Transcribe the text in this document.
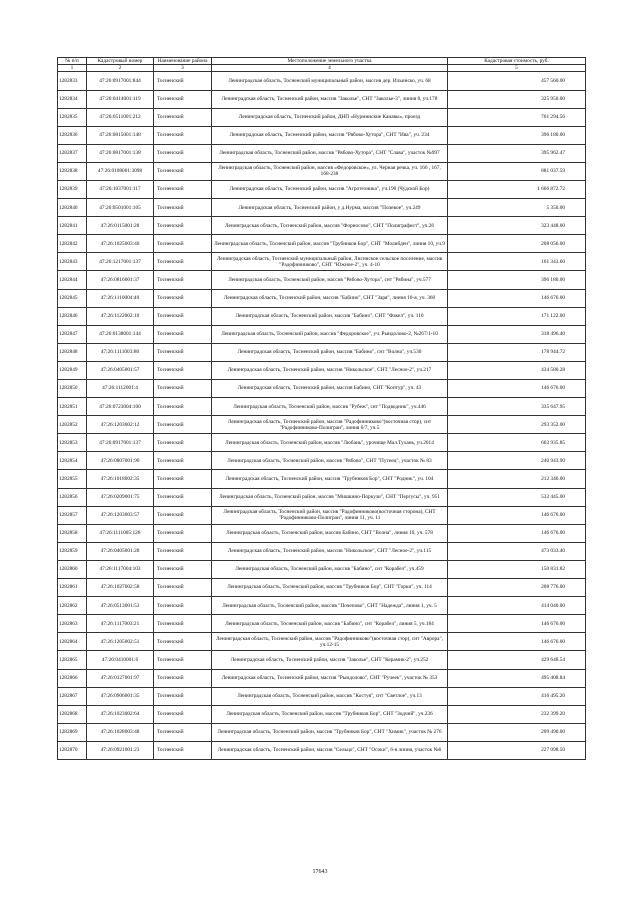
№ п/п	Кадастровый номер	Наименование района	Местоположение земельного участка	Кадастровая стоимость, руб.
1	2	3	4	5
1282833	47:26:0917001:844	Тосненский	Ленинградская область, Тосненский муниципальный район, массив дер. Ильинско, уч. 68	457 560.00
1282834	47:26:0414001:119	Тосненский	Ленинградская область, Тосненский район, массив "Заколье", СНТ "Заколье-3", линия 8, уч.178	325 950.00
1282835	47:26:0511001:212	Тосненский	Ленинградская область, Тосненский район, ДНП «Нурминские Канавы», проезд	761 294.56
1282836	47:26:0815001:148	Тосненский	Ленинградская область, Тосненский район, массив "Рябово-Хутора", СНТ "Ива", уч. 234	396 180.00
1282837	47:26:0817001:138	Тосненский	Ленинградская область, Тосненский район, массив "Рябово-Хутора", СНТ "Слава", участок №997	395 962.47
1282838	47:26:0108001:3098	Тосненский	Ленинградская область, Тосненский район, массив «Федоровское», ул. Черная речка, уч. 166 , 167, 168-238	881 037.59
1282839	47:26:1037001:117	Тосненский	Ленинградская область, Тосненский район, массив "Агротехника", уч.190 (Чудской Бор)	1 666 872.72
1282840	47:26:0501001:105	Тосненский	Ленинградская область, Тосненский район, у д.Нурма, массив "Полевое", уч.249	5 350.00
1282841	47:26:0115001:28	Тосненский	Ленинградская область, Тосненский район, массив "Форносово", СНТ "Полиграфист", уч.26	323 448.00
1282842	47:26:1025003:40	Тосненский	Ленинградская область, Тосненский район, массив "Трубников Бор", СНТ "Молибден", линия 10, уч.9	208 056.00
1282843	47:26:1217001:137	Тосненский	Ленинградская область, Тосненский муниципальный район, Лисинское сельское поселение, массив "Радофинниково", СНТ "Южное-2", уч. 4-10	161 343.60
1282844	47:26:0816001:37	Тосненский	Ленинградская область, Тосненский район, массив "Рябово-Хутора", снт "Рябина", уч.577	396 180.00
1282845	47:26:1110004:40	Тосненский	Ленинградская область, Тосненский район, массив "Бабино", СНТ "Заря", линия 10-я, уч. 360	146 676.00
1282846	47:26:1122002:10	Тосненский	Ленинградская область, Тосненский район, массив "Бабино", СНТ "Факел", уч. 110	171 122.00
1282847	47:26:0138001:144	Тосненский	Ленинградская область, Тосненский район, массив "Федоровское", уч. Рындолово-2, №267/1-10	318 496.40
1282848	47:26:1111003:80	Тосненский	Ленинградская область, Тосненский район, массив "Бабино", снт "Волна", уч.530	178 944.72
1282849	47:26:0405001:57	Тосненский	Ленинградская область, Тосненский район, массив "Никольское", СНТ "Лесное-2", уч.217	434 580.28
1282850	47:26:1112001:4	Тосненский	Ленинградская область, Тосненский район, массив Бабино, СНТ "Коптур", уч. 43	146 676.00
1282851	47:26:0723004:100	Тосненский	Ленинградская область, Тосненский район, массив "Рубеж", снт "Подводник", уч.446	335 647.95
1282852	47:26:1203002:12	Тосненский	Ленинградская область, Тосненский район, массив "Радофинниково"(восточная стор), снт "Радофинниково-Полигран", линия 6/7, уч.5	293 352.00
1282853	47:26:0917001:137	Тосненский	Ленинградская область, Тосненский район, массив "Любань", урочище Мал.Тухань, уч.2014	663 935.85
1282854	47:26:0807001:90	Тосненский	Ленинградская область, Тосненский район, массив "Рябово", СНТ "Путеец", участок № 83	240 943.90
1282855	47:26:1018002:35	Тосненский	Ленинградская область, Тосненский район, массив "Трубников Бор", СНТ "Родник", уч. 104	212 346.00
1282856	47:26:0209001:75	Тосненский	Ленинградская область, Тосненский район, массив "Мишкино-Поркузи", СНТ "Пергусы", уч. 951	532 445.00
1282857	47:26:1203003:57	Тосненский	Ленинградская область, Тосненский район, массив "Радофинниково(восточная сторона), СНТ "Радофинниково-Полигран", линия 11, уч. 11	146 676.00
1282858	47:26:1111005:126	Тосненский	Ленинградская область, Тосненский район, массив Бабино, СНТ "Волна", линия 16, уч. 578	146 676.00
1282859	47:26:0405001:28	Тосненский	Ленинградская область, Тосненский район, массив "Никольское", СНТ "Лесное-2", уч.115	473 033.40
1282860	47:26:1117004:103	Тосненский	Ленинградская область, Тосненский район, массив "Бабино", снт "Корабел", уч.459	150 831.82
1282861	47:26:1027002:58	Тосненский	Ленинградская область, Тосненский район, массив "Трубников Бор", СНТ "Горки", уч. 114	208 776.00
1282862	47:26:0513001:53	Тосненский	Ленинградская область, Тосненский район, массив "Почепово", СНТ "Надежда", линия 1, уч. 5	414 040.00
1282863	47:26:1117003:21	Тосненский	Ленинградская область, Тосненский район, массив "Бабино", снт "Корабел", линия 5, уч.184	146 676.00
1282864	47:26:1205002:51	Тосненский	Ленинградская область, Тосненский район, массив "Радофинниково"(восточная стор), снт "Аврора", уч.12-15	146 676.00
1282865	47:26:0410001:6	Тосненский	Ленинградская область, Тосненский район, массив "Заколье", СНТ "Керамик-2", уч.252	429 648.54
1282866	47:26:0127001:97	Тосненский	Ленинградская область, Тосненский район, массив "Рындолово", СНТ "Ручеек", участок № 353	495 408.84
1282867	47:26:0906001:35	Тосненский	Ленинградская область, Тосненский район, массив "Костуя", снт "Светлое", уч.13	416 495.20
1282868	47:26:1023002:64	Тосненский	Ленинградская область, Тосненский район, массив "Трубников Бор", СНТ "Зодчий", уч.236	232 399.20
1282869	47:26:1028003:48	Тосненский	Ленинградская область, Тосненский район, массив "Трубников Бор", СНТ "Химик", участок № 276	209 490.00
1282870	47:26:0921001:23	Тосненский	Ленинградская область, Тосненский район, массив "Сельцо", СНТ "Осоки", 6-я линия, участок №6	227 098.50
17643
